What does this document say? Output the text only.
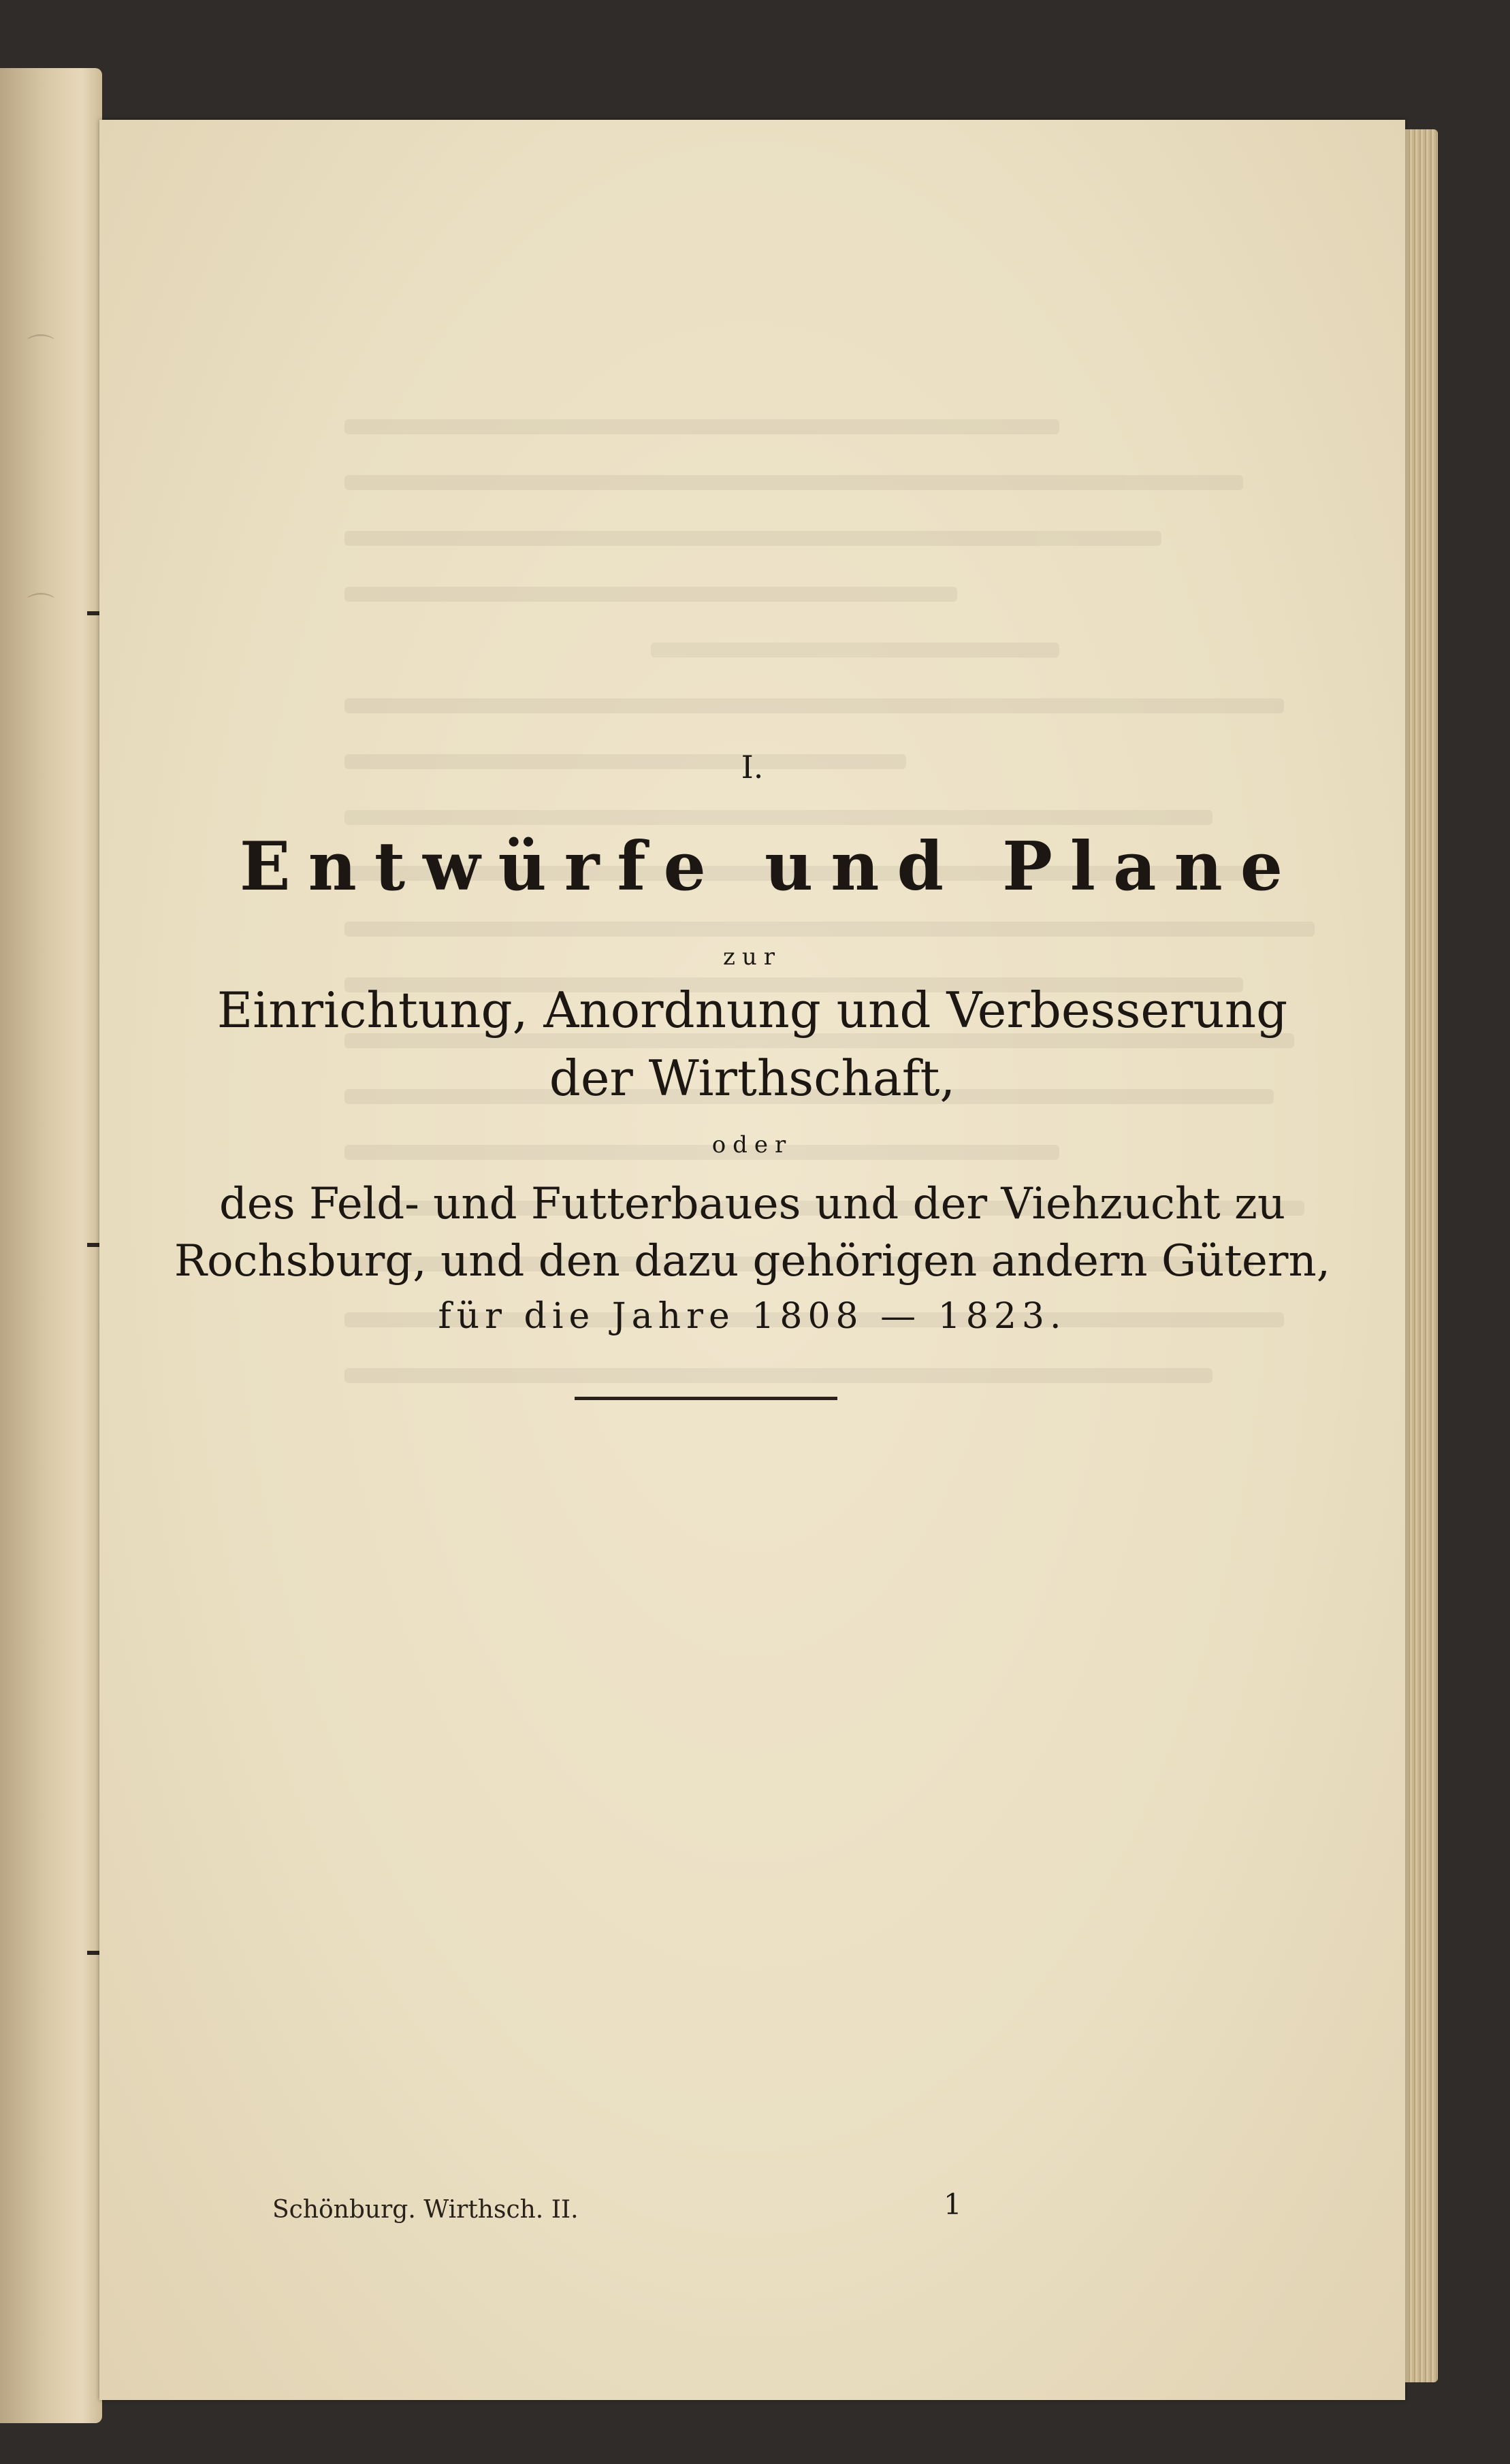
⌒
⌒
I.
Entwürfe und Plane
zur
Einrichtung, Anordnung und Verbesserung
der Wirthschaft,
oder
des Feld- und Futterbaues und der Viehzucht zu
Rochsburg, und den dazu gehörigen andern Gütern,
für die Jahre 1808 — 1823.
Schönburg. Wirthsch. II.	1
